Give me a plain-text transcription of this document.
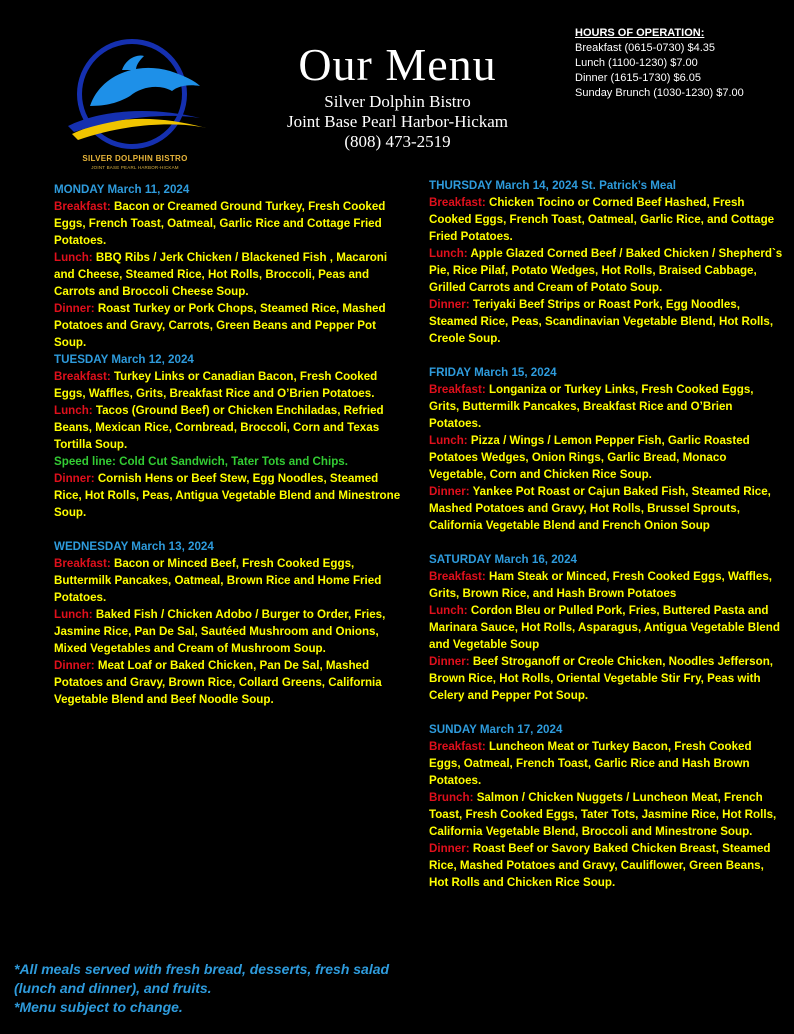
SILVER DOLPHIN BISTRO
JOINT BASE PEARL HARBOR-HICKAM
Our Menu
Silver Dolphin Bistro
Joint Base Pearl Harbor-Hickam
(808) 473-2519
HOURS OF OPERATION:
Breakfast (0615-0730) $4.35
Lunch (1100-1230) $7.00
Dinner (1615-1730) $6.05
Sunday Brunch (1030-1230) $7.00
MONDAY March 11, 2024
Breakfast: Bacon or Creamed Ground Turkey, Fresh Cooked Eggs, French Toast, Oatmeal, Garlic Rice and Cottage Fried Potatoes.
Lunch: BBQ Ribs / Jerk Chicken / Blackened Fish , Macaroni and Cheese, Steamed Rice, Hot Rolls, Broccoli, Peas and Carrots and Broccoli Cheese Soup.
Dinner: Roast Turkey or Pork Chops, Steamed Rice, Mashed Potatoes and Gravy, Carrots, Green Beans and Pepper Pot Soup.
TUESDAY March 12, 2024
Breakfast: Turkey Links or Canadian Bacon, Fresh Cooked Eggs, Waffles, Grits, Breakfast Rice and O’Brien Potatoes.
Lunch: Tacos (Ground Beef) or Chicken Enchiladas, Refried Beans, Mexican Rice, Cornbread, Broccoli, Corn and Texas Tortilla Soup.
Speed line: Cold Cut Sandwich, Tater Tots and Chips.
Dinner: Cornish Hens or Beef Stew, Egg Noodles, Steamed Rice, Hot Rolls, Peas, Antigua Vegetable Blend and Minestrone Soup.
WEDNESDAY March 13, 2024
Breakfast: Bacon or Minced Beef, Fresh Cooked Eggs, Buttermilk Pancakes, Oatmeal, Brown Rice and Home Fried Potatoes.
Lunch: Baked Fish / Chicken Adobo / Burger to Order, Fries, Jasmine Rice, Pan De Sal, Sautéed Mushroom and Onions, Mixed Vegetables and Cream of Mushroom Soup.
Dinner: Meat Loaf or Baked Chicken, Pan De Sal, Mashed Potatoes and Gravy, Brown Rice, Collard Greens, California Vegetable Blend and Beef Noodle Soup.
THURSDAY March 14, 2024 St. Patrick’s Meal
Breakfast: Chicken Tocino or Corned Beef Hashed, Fresh Cooked Eggs, French Toast, Oatmeal, Garlic Rice, and Cottage Fried Potatoes.
Lunch: Apple Glazed Corned Beef / Baked Chicken / Shepherd`s Pie, Rice Pilaf, Potato Wedges, Hot Rolls, Braised Cabbage, Grilled Carrots and Cream of Potato Soup.
Dinner: Teriyaki Beef Strips or Roast Pork, Egg Noodles, Steamed Rice, Peas, Scandinavian Vegetable Blend, Hot Rolls, Creole Soup.
FRIDAY March 15, 2024
Breakfast: Longaniza or Turkey Links, Fresh Cooked Eggs, Grits, Buttermilk Pancakes, Breakfast Rice and O’Brien Potatoes.
Lunch: Pizza / Wings / Lemon Pepper Fish, Garlic Roasted Potatoes Wedges, Onion Rings, Garlic Bread, Monaco Vegetable, Corn and Chicken Rice Soup.
Dinner: Yankee Pot Roast or Cajun Baked Fish, Steamed Rice, Mashed Potatoes and Gravy, Hot Rolls, Brussel Sprouts, California Vegetable Blend and French Onion Soup
SATURDAY March 16, 2024
Breakfast: Ham Steak or Minced, Fresh Cooked Eggs, Waffles, Grits, Brown Rice, and Hash Brown Potatoes
Lunch: Cordon Bleu or Pulled Pork, Fries, Buttered Pasta and Marinara Sauce, Hot Rolls, Asparagus, Antigua Vegetable Blend and Vegetable Soup
Dinner: Beef Stroganoff or Creole Chicken, Noodles Jefferson, Brown Rice, Hot Rolls, Oriental Vegetable Stir Fry, Peas with Celery and Pepper Pot Soup.
SUNDAY March 17, 2024
Breakfast: Luncheon Meat or Turkey Bacon, Fresh Cooked Eggs, Oatmeal, French Toast, Garlic Rice and Hash Brown Potatoes.
Brunch: Salmon / Chicken Nuggets / Luncheon Meat, French Toast, Fresh Cooked Eggs, Tater Tots, Jasmine Rice, Hot Rolls, California Vegetable Blend, Broccoli and Minestrone Soup.
Dinner: Roast Beef or Savory Baked Chicken Breast, Steamed Rice, Mashed Potatoes and Gravy, Cauliflower, Green Beans, Hot Rolls and Chicken Rice Soup.
*All meals served with fresh bread, desserts, fresh salad (lunch and dinner), and fruits.
*Menu subject to change.
